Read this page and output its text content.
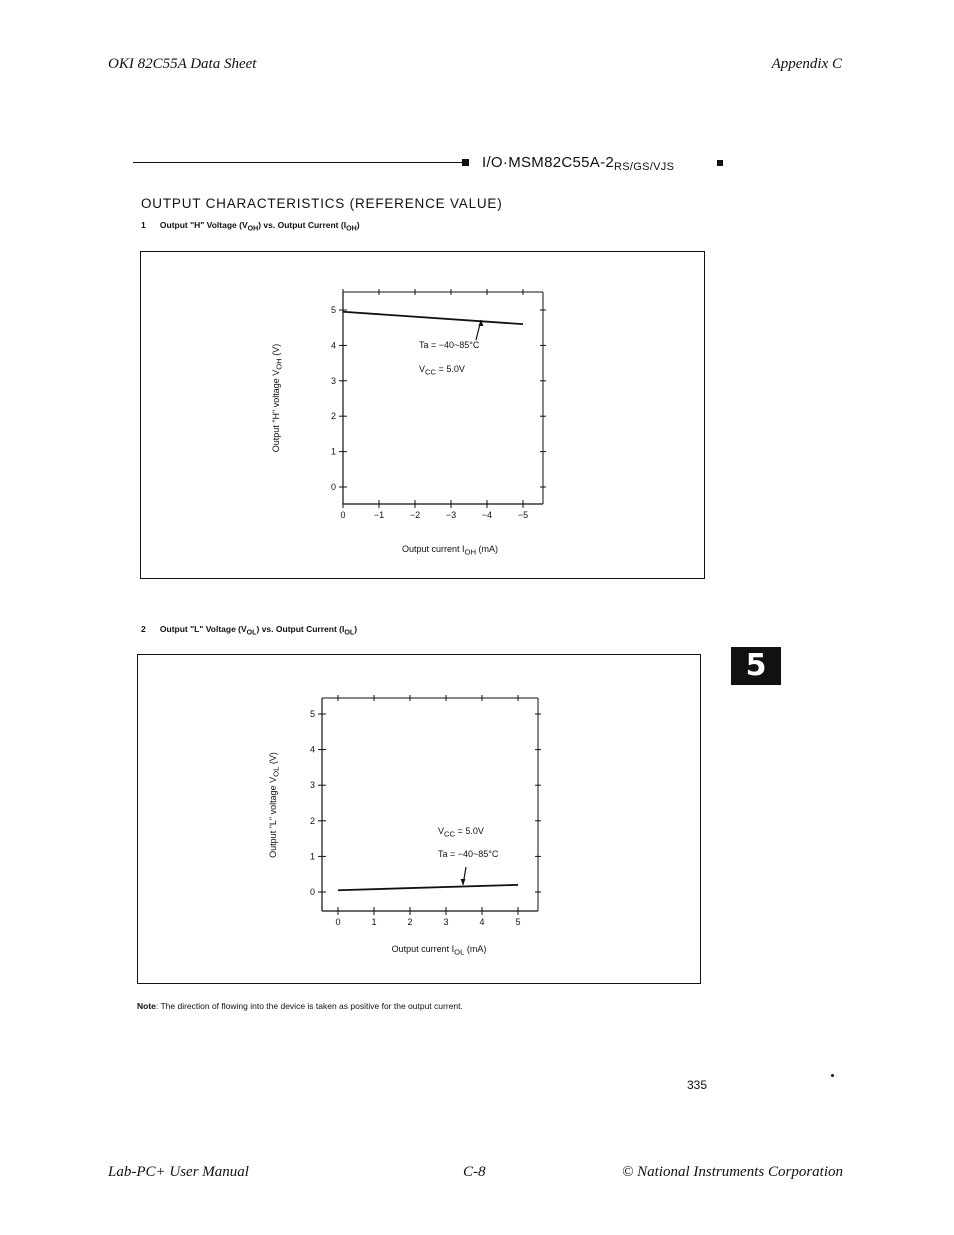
OKI 82C55A Data Sheet	Appendix C
$I/O\cdot MSM82C55A-2_{RS/GS/VJS}$
OUTPUT CHARACTERISTICS (REFERENCE VALUE)
1 Output "H" Voltage $(V_{OH})$ vs. Output Current $(I_{OH})$
0
1
2
3
4
5
0	−1	−2	−3	−4	−5
Ta = −40~85°C
VCC = 5.0V
Output current IOH (mA)
Output "H" voltage VOH (V)
5
2 Output "L" Voltage $(V_{OL})$ vs. Output Current $(I_{OL})$
0
1
2
3
4
5
0	1	2	3	4	5
VCC = 5.0V
Ta = −40~85°C
Output current IOL (mA)
Output "L" voltage VOL (V)
Note: The direction of flowing into the device is taken as positive for the output current.
335
Lab-PC+ User Manual	C-8	© National Instruments Corporation
